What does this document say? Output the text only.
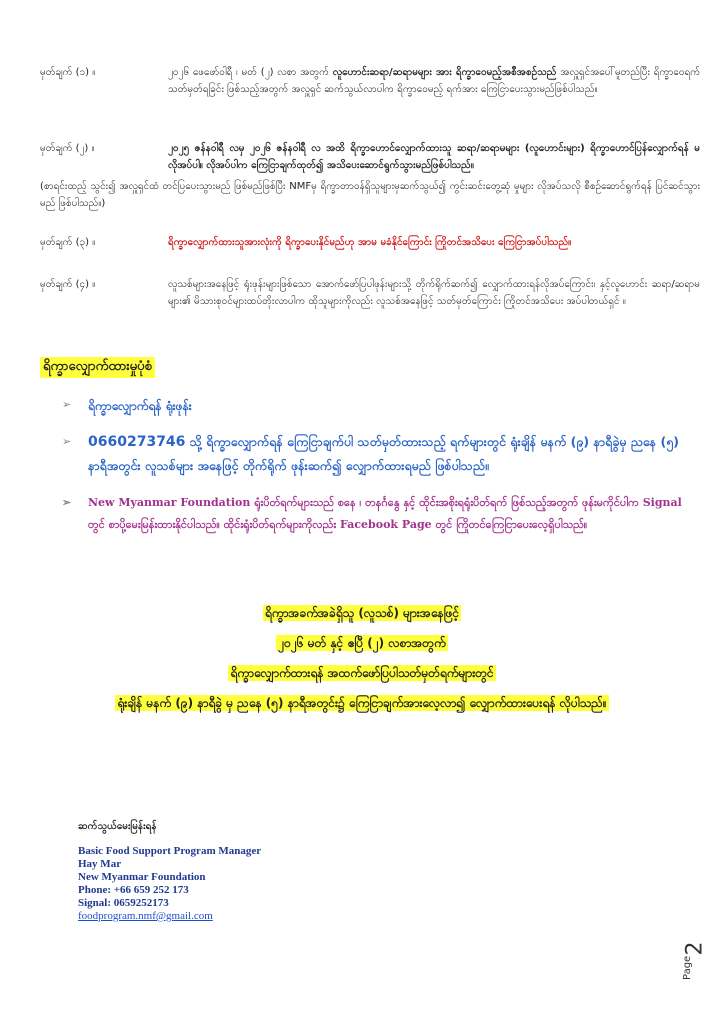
မှတ်ချက် (၁) ။	၂၀၂၆ ဖေဖော်ဝါရီ ၊ မတ် (၂) လစာ အတွက် လူဟောင်းဆရာ/ဆရာမများ အား ရိက္ခာဝေမည့်အစီအစဉ်သည် အလှူရှင်အပေါ်မူတည်ပြီး ရိက္ခာဝေရက် သတ်မှတ်ရခြင်း ဖြစ်သည့်အတွက် အလှူရှင် ဆက်သွယ်လာပါက ရိက္ခာဝေမည့် ရက်အား ကြေငြာပေးသွားမည်ဖြစ်ပါသည်။
မှတ်ချက် (၂) ။	၂၀၂၅ ဇန်နဝါရီ လမှ ၂၀၂၆ ဇန်နဝါရီ လ အထိ ရိက္ခာဟောင်လျှောက်ထားသူ ဆရာ/ဆရာမများ (လူဟောင်းများ) ရိက္ခာဟောင်ပြန်လျှောက်ရန် မလိုအပ်ပါ။ လိုအပ်ပါက ကြေငြာချက်ထုတ်၍ အသိပေးဆောင်ရွက်သွားမည်ဖြစ်ပါသည်။
(စာရင်းထည့် သွင်း၍ အလှူရှင်ထံ တင်ပြပေးသွားမည် ဖြစ်မည်ဖြစ်ပြီး NMFမှ ရိက္ခာတာဝန်ရှိသူများမှဆက်သွယ်၍ ကွင်းဆင်းတွေ့ဆုံ မှုများ လိုအပ်သလို စီစဉ်ဆောင်ရွက်ရန် ပြင်ဆင်သွားမည် ဖြစ်ပါသည်။)
မှတ်ချက် (၃) ။	ရိက္ခာလျှောက်ထားသူအားလုံးကို ရိက္ခာပေးနိုင်မည်ဟု အာမ မခံနိုင်ကြောင်း ကြိုတင်အသိပေး ကြေငြာအပ်ပါသည်။
မှတ်ချက် (၄) ။	လူသစ်များအနေဖြင့် ရုံးဖုန်းများဖြစ်သော အောက်ဖော်ပြပါဖုန်းများသို့ တိုက်ရိုက်ဆက်၍ လျှောက်ထားရန်လိုအပ်ကြောင်း၊ နှင့်လူဟောင်း ဆရာ/ဆရာမများ၏ မိသားစုဝင်များထပ်တိုးလာပါက ထိုသူများကိုလည်း လူသစ်အနေဖြင့် သတ်မှတ်ကြောင်း ကြိုတင်အသိပေး အပ်ပါတယ်ရှင် ။
ရိက္ခာလျှောက်ထားမှုပုံစံ
➢ ရိက္ခာလျှောက်ရန် ရုံးဖုန်း
➢ 0660273746 သို့ ရိက္ခာလျှောက်ရန် ကြေငြာချက်ပါ သတ်မှတ်ထားသည့် ရက်များတွင် ရုံးချိန် မနက် (၉) နာရီခွဲမှ ညနေ (၅) နာရီအတွင်း လူသစ်များ အနေဖြင့် တိုက်ရိုက် ဖုန်းဆက်၍ လျှောက်ထားရမည် ဖြစ်ပါသည်။
➢ New Myanmar Foundation ရုံးပိတ်ရက်များသည် စနေ ၊ တနင်္ဂနွေ နှင့် ထိုင်းအစိုးရရုံးပိတ်ရက် ဖြစ်သည့်အတွက် ဖုန်းမကိုင်ပါက Signal တွင် စာပို့မေးမြန်းထားနိုင်ပါသည်။ ထိုင်းရုံးပိတ်ရက်များကိုလည်း Facebook Page တွင် ကြိုတင်ကြေငြာပေးလေ့ရှိပါသည်။
ရိက္ခာအခက်အခဲရှိသူ (လူသစ်) များအနေဖြင့်
၂၀၂၆ မတ် နှင့် ဧပြီ (၂) လစာအတွက်
ရိက္ခာလျှောက်ထားရန် အထက်ဖော်ပြပါသတ်မှတ်ရက်များတွင်
ရုံးချိန် မနက် (၉) နာရီခွဲ မှ ညနေ (၅) နာရီအတွင်း၌ ကြေငြာချက်အားလေ့လာ၍ လျှောက်ထားပေးရန် လိုပါသည်။
ဆက်သွယ်မေးမြန်းရန်
Basic Food Support Program Manager
Hay Mar
New Myanmar Foundation
Phone: +66 659 252 173
Signal: 0659252173
foodprogram.nmf@gmail.com
2
Page
